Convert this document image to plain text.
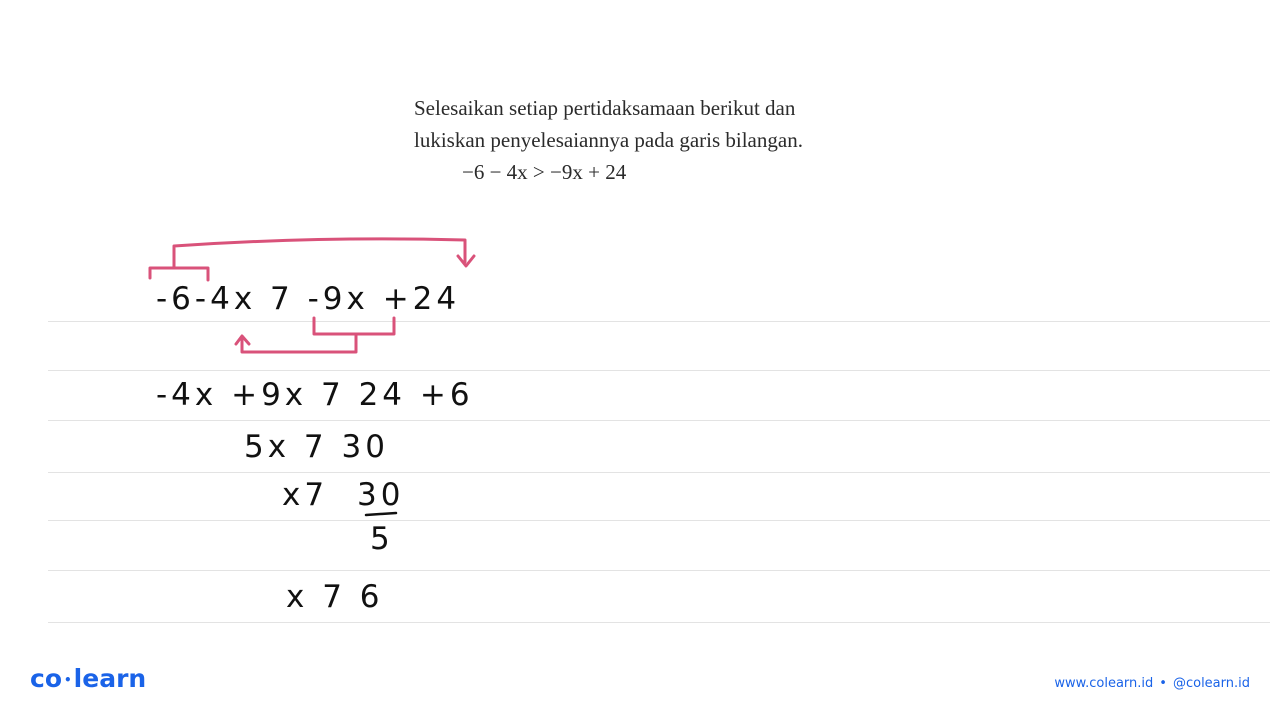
Selesaikan setiap pertidaksamaan berikut dan
lukiskan penyelesaiannya pada garis bilangan.
−6 − 4x > −9x + 24
-6-4x 7 -9x +24
-4x +9x 7 24 +6
5x 7 30
x7 30
5
x 7 6
co •learn	www.colearn.id • @colearn.id
